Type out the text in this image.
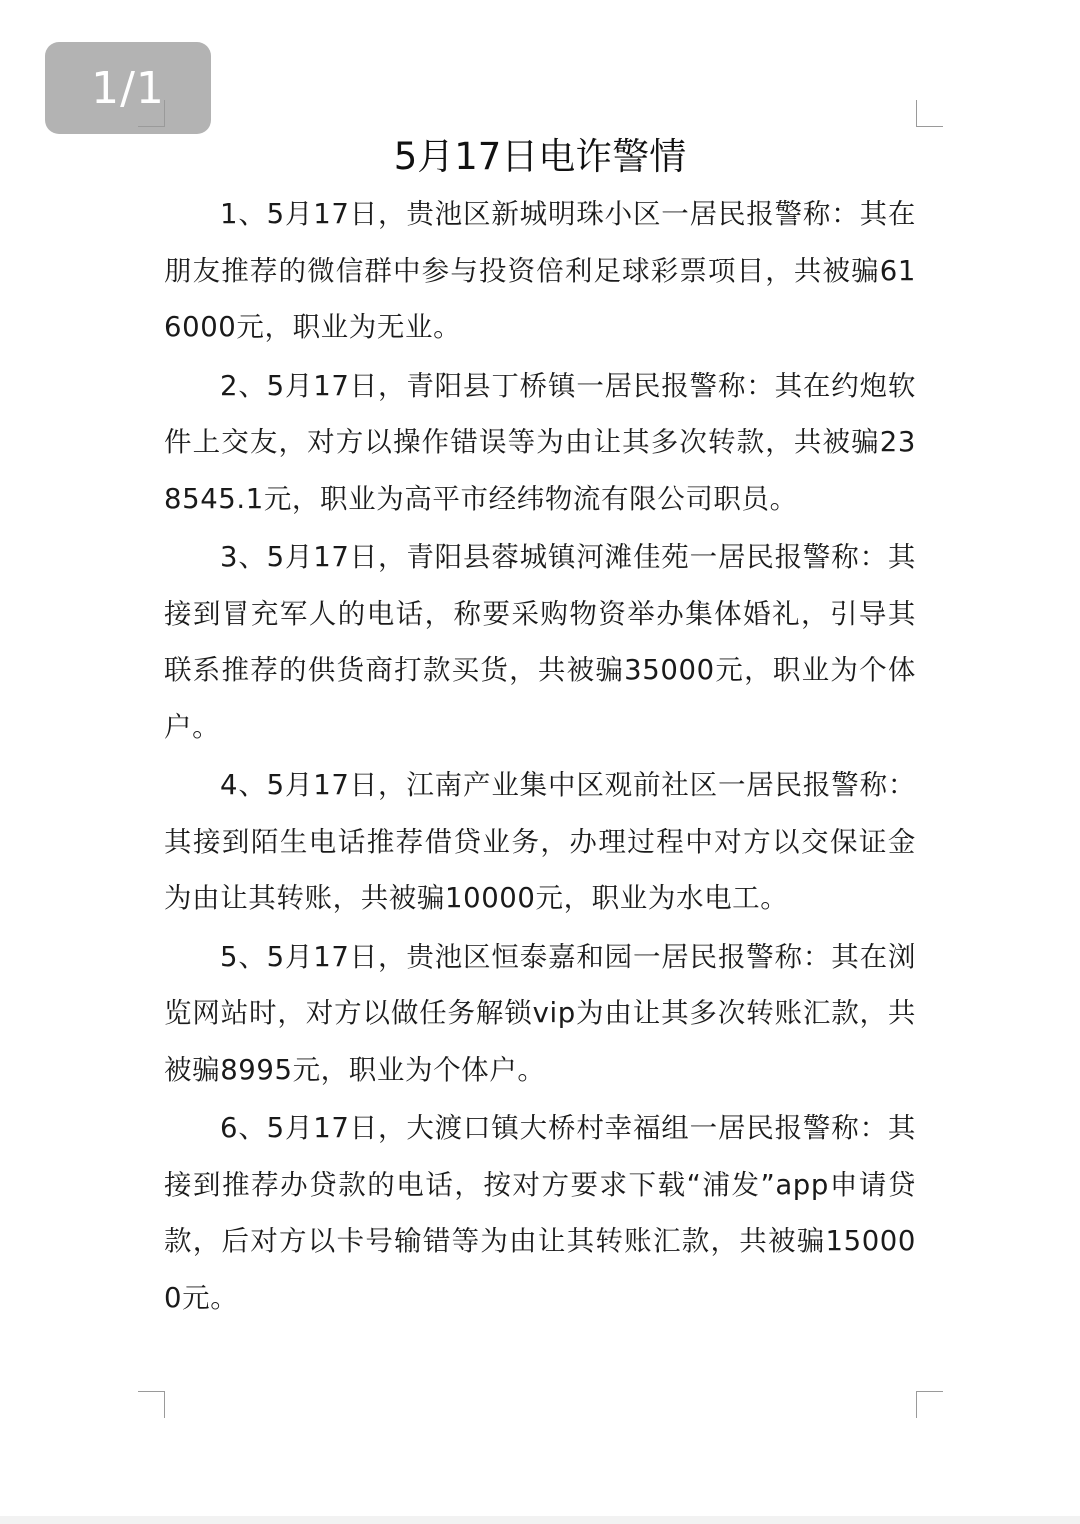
1/1
5月17日电诈警情

1、5月17日，贵池区新城明珠小区一居民报警称：其在朋友推荐的微信群中参与投资倍利足球彩票项目，共被骗616000元，职业为无业。

2、5月17日，青阳县丁桥镇一居民报警称：其在约炮软件上交友，对方以操作错误等为由让其多次转款，共被骗238545.1元，职业为高平市经纬物流有限公司职员。

3、5月17日，青阳县蓉城镇河滩佳苑一居民报警称：其接到冒充军人的电话，称要采购物资举办集体婚礼，引导其联系推荐的供货商打款买货，共被骗35000元，职业为个体户。

4、5月17日，江南产业集中区观前社区一居民报警称：其接到陌生电话推荐借贷业务，办理过程中对方以交保证金为由让其转账，共被骗10000元，职业为水电工。

5、5月17日，贵池区恒泰嘉和园一居民报警称：其在浏览网站时，对方以做任务解锁vip为由让其多次转账汇款，共被骗8995元，职业为个体户。

6、5月17日，大渡口镇大桥村幸福组一居民报警称：其接到推荐办贷款的电话，按对方要求下载“浦发”app申请贷款，后对方以卡号输错等为由让其转账汇款，共被骗150000元。
